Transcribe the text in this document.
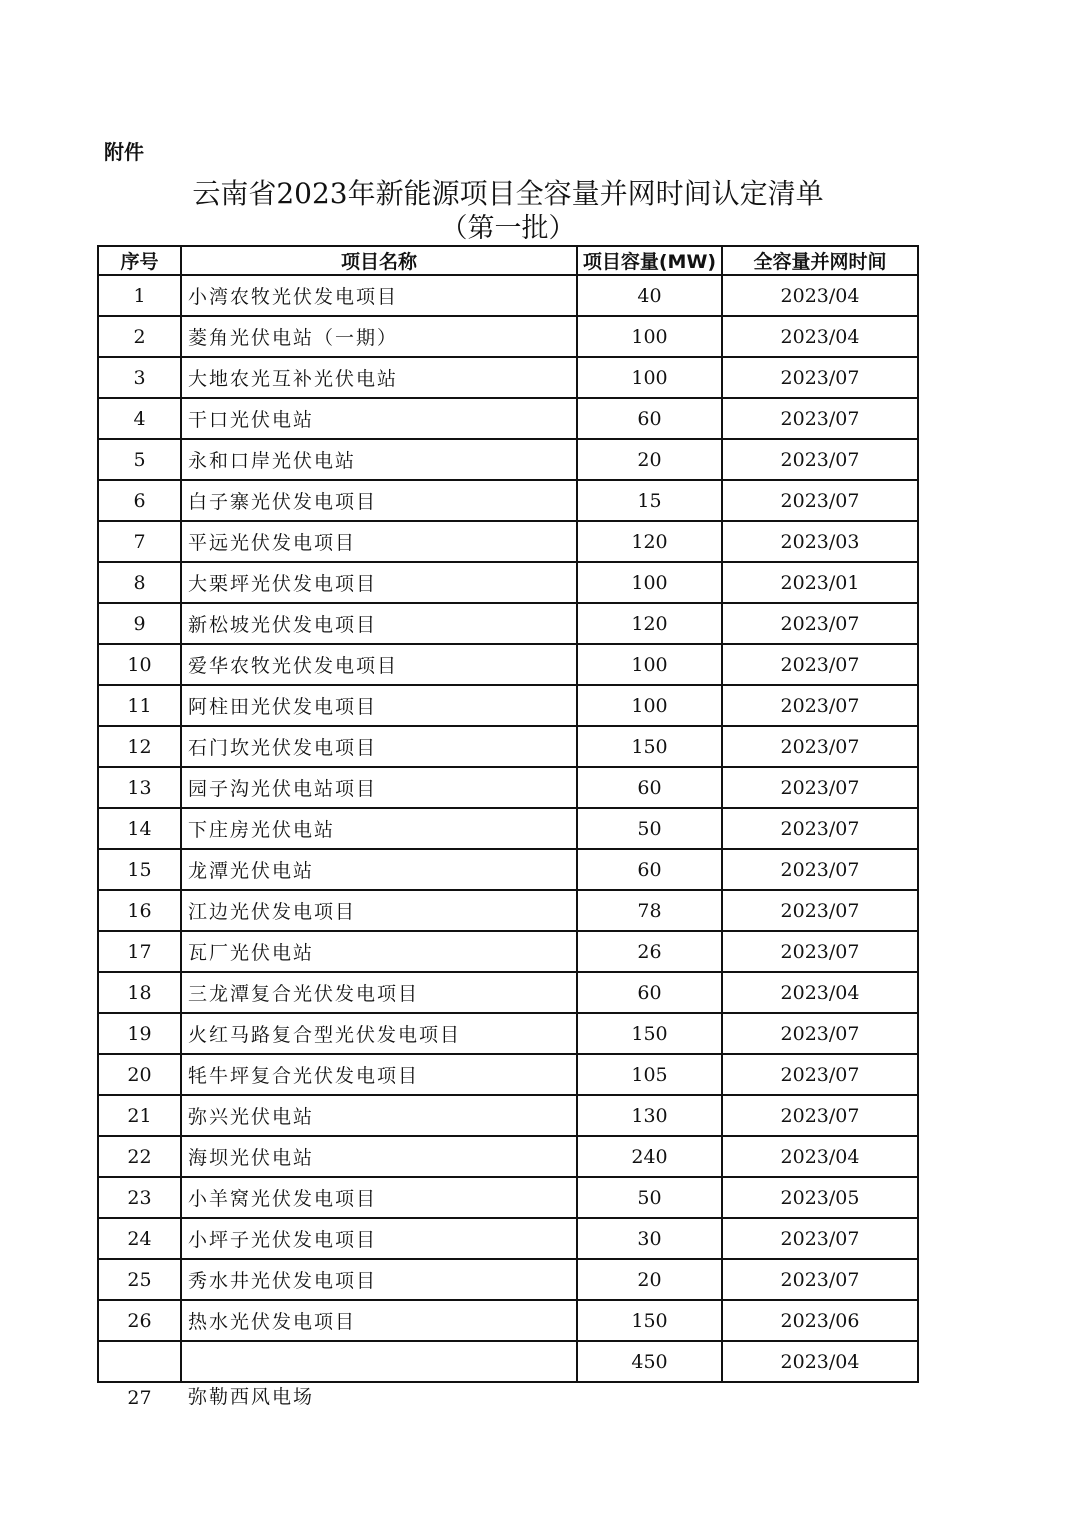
附件
云南省2023年新能源项目全容量并网时间认定清单
（第一批）
序号	项目名称	项目容量(MW)	全容量并网时间
1	小湾农牧光伏发电项目	40	2023/04
2	菱角光伏电站（一期）	100	2023/04
3	大地农光互补光伏电站	100	2023/07
4	干口光伏电站	60	2023/07
5	永和口岸光伏电站	20	2023/07
6	白子寨光伏发电项目	15	2023/07
7	平远光伏发电项目	120	2023/03
8	大栗坪光伏发电项目	100	2023/01
9	新松坡光伏发电项目	120	2023/07
10	爱华农牧光伏发电项目	100	2023/07
11	阿柱田光伏发电项目	100	2023/07
12	石门坎光伏发电项目	150	2023/07
13	园子沟光伏电站项目	60	2023/07
14	下庄房光伏电站	50	2023/07
15	龙潭光伏电站	60	2023/07
16	江边光伏发电项目	78	2023/07
17	瓦厂光伏电站	26	2023/07
18	三龙潭复合光伏发电项目	60	2023/04
19	火红马路复合型光伏发电项目	150	2023/07
20	牦牛坪复合光伏发电项目	105	2023/07
21	弥兴光伏电站	130	2023/07
22	海坝光伏电站	240	2023/04
23	小羊窝光伏发电项目	50	2023/05
24	小坪子光伏发电项目	30	2023/07
25	秀水井光伏发电项目	20	2023/07
26	热水光伏发电项目	150	2023/06
27	弥勒西风电场	450	2023/04
